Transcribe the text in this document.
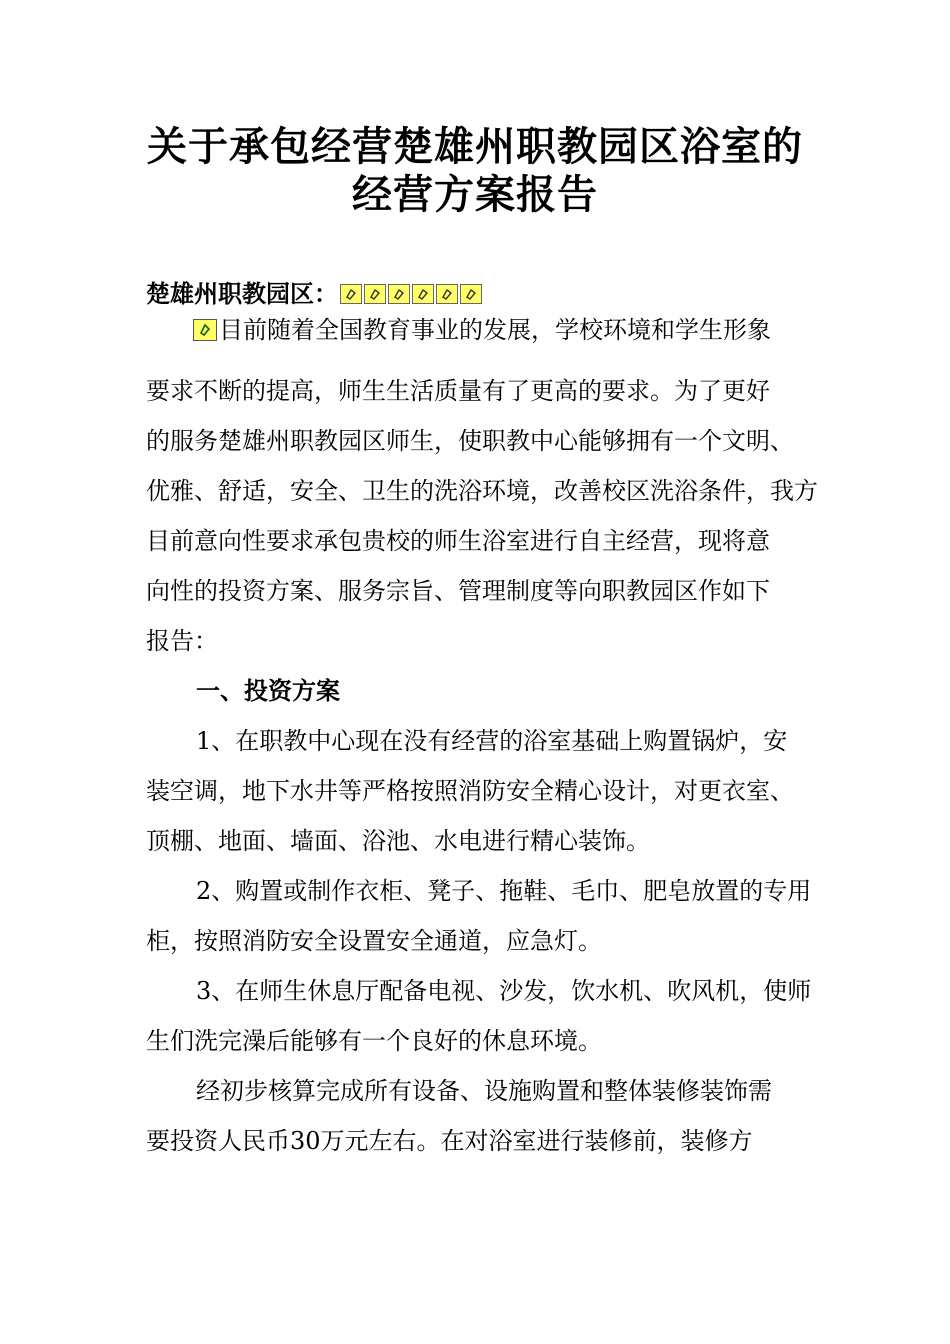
关于承包经营楚雄州职教园区浴室的
经营方案报告
楚雄州职教园区：
目前随着全国教育事业的发展，学校环境和学生形象
要求不断的提高，师生生活质量有了更高的要求。为了更好
的服务楚雄州职教园区师生，使职教中心能够拥有一个文明、
优雅、舒适，安全、卫生的洗浴环境，改善校区洗浴条件，我方
目前意向性要求承包贵校的师生浴室进行自主经营，现将意
向性的投资方案、服务宗旨、管理制度等向职教园区作如下
报告：
一、投资方案
1、在职教中心现在没有经营的浴室基础上购置锅炉，安
装空调，地下水井等严格按照消防安全精心设计，对更衣室、
顶棚、地面、墙面、浴池、水电进行精心装饰。
2、购置或制作衣柜、凳子、拖鞋、毛巾、肥皂放置的专用
柜，按照消防安全设置安全通道，应急灯。
3、在师生休息厅配备电视、沙发，饮水机、吹风机，使师
生们洗完澡后能够有一个良好的休息环境。
经初步核算完成所有设备、设施购置和整体装修装饰需
要投资人民币30万元左右。在对浴室进行装修前，装修方
